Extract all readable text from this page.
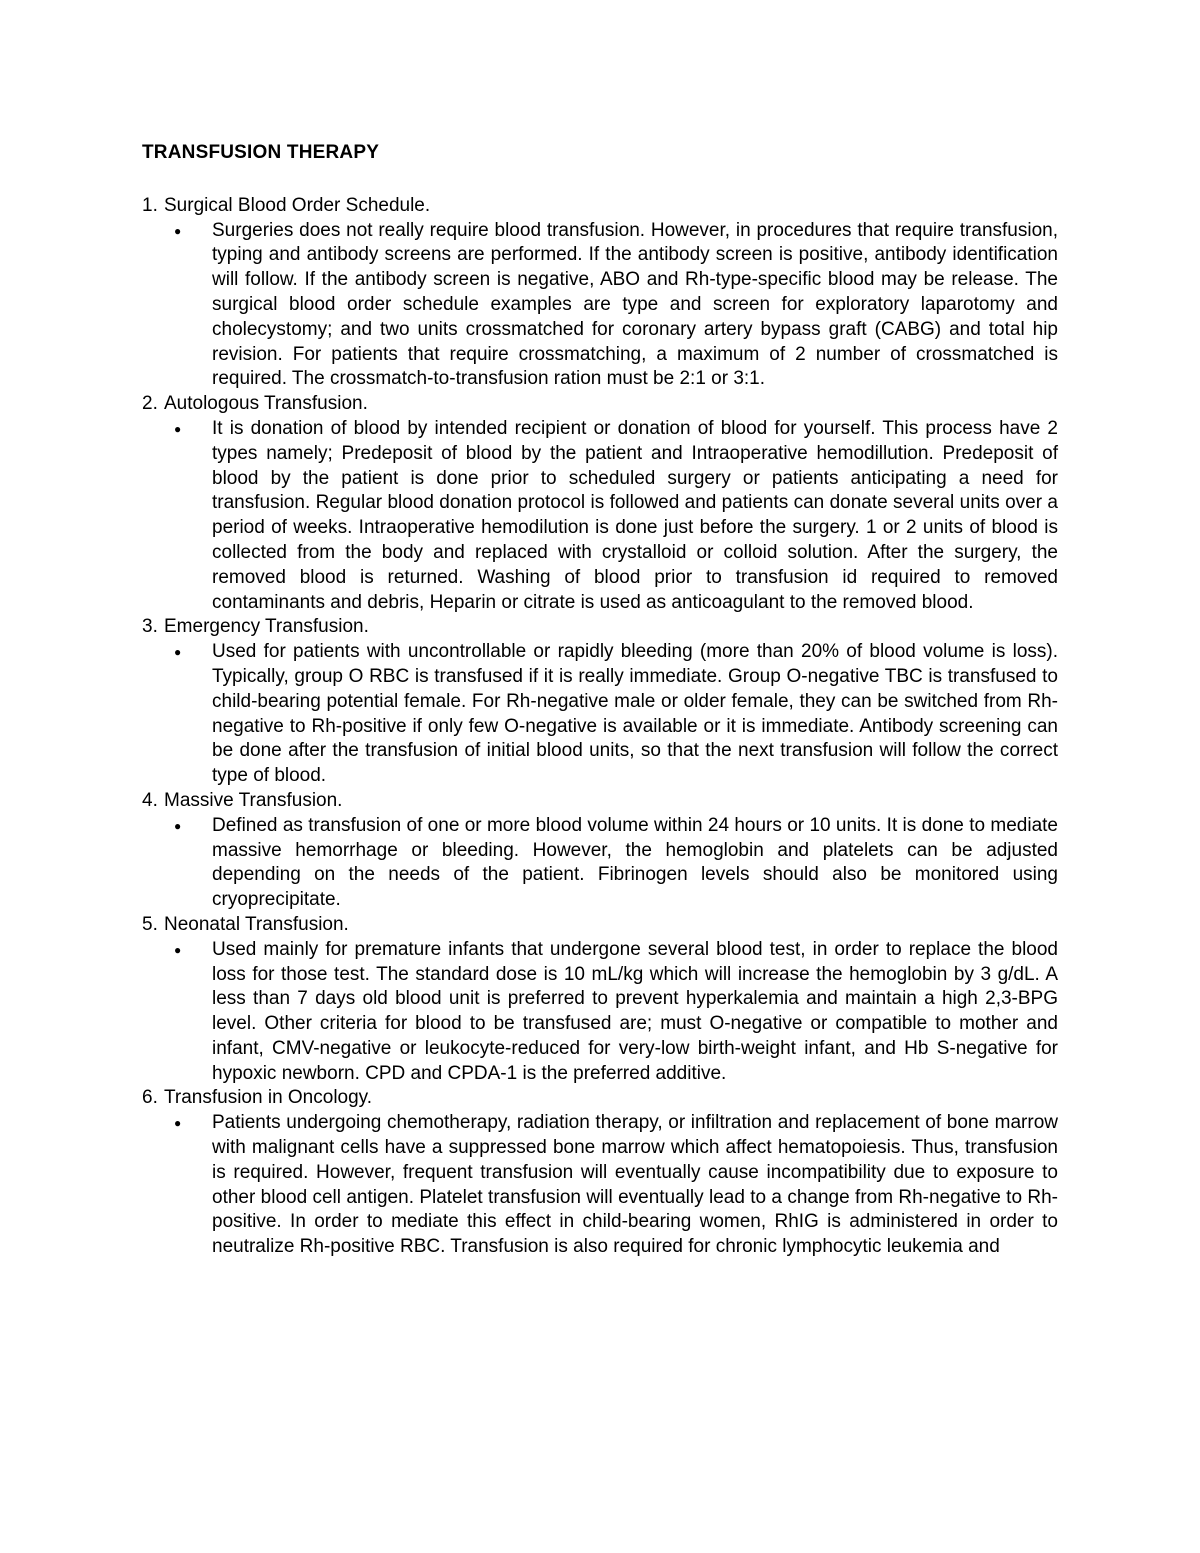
TRANSFUSION THERAPY
1. Surgical Blood Order Schedule.
●	Surgeries does not really require blood transfusion. However, in procedures that require transfusion, typing and antibody screens are performed. If the antibody screen is positive, antibody identification will follow. If the antibody screen is negative, ABO and Rh-type-specific blood may be release. The surgical blood order schedule examples are type and screen for exploratory laparotomy and cholecystomy; and two units crossmatched for coronary artery bypass graft (CABG) and total hip revision. For patients that require crossmatching, a maximum of 2 number of crossmatched is required. The crossmatch-to-transfusion ration must be 2:1 or 3:1.
2. Autologous Transfusion.
●	It is donation of blood by intended recipient or donation of blood for yourself. This process have 2 types namely; Predeposit of blood by the patient and Intraoperative hemodillution. Predeposit of blood by the patient is done prior to scheduled surgery or patients anticipating a need for transfusion. Regular blood donation protocol is followed and patients can donate several units over a period of weeks. Intraoperative hemodilution is done just before the surgery. 1 or 2 units of blood is collected from the body and replaced with crystalloid or colloid solution. After the surgery, the removed blood is returned. Washing of blood prior to transfusion id required to removed contaminants and debris, Heparin or citrate is used as anticoagulant to the removed blood.
3. Emergency Transfusion.
●	Used for patients with uncontrollable or rapidly bleeding (more than 20% of blood volume is loss). Typically, group O RBC is transfused if it is really immediate. Group O-negative TBC is transfused to child-bearing potential female. For Rh-negative male or older female, they can be switched from Rh-negative to Rh-positive if only few O-negative is available or it is immediate. Antibody screening can be done after the transfusion of initial blood units, so that the next transfusion will follow the correct type of blood.
4. Massive Transfusion.
●	Defined as transfusion of one or more blood volume within 24 hours or 10 units. It is done to mediate massive hemorrhage or bleeding. However, the hemoglobin and platelets can be adjusted depending on the needs of the patient. Fibrinogen levels should also be monitored using cryoprecipitate.
5. Neonatal Transfusion.
●	Used mainly for premature infants that undergone several blood test, in order to replace the blood loss for those test. The standard dose is 10 mL/kg which will increase the hemoglobin by 3 g/dL. A less than 7 days old blood unit is preferred to prevent hyperkalemia and maintain a high 2,3-BPG level. Other criteria for blood to be transfused are; must O-negative or compatible to mother and infant, CMV-negative or leukocyte-reduced for very-low birth-weight infant, and Hb S-negative for hypoxic newborn. CPD and CPDA-1 is the preferred additive.
6. Transfusion in Oncology.
●	Patients undergoing chemotherapy, radiation therapy, or infiltration and replacement of bone marrow with malignant cells have a suppressed bone marrow which affect hematopoiesis. Thus, transfusion is required. However, frequent transfusion will eventually cause incompatibility due to exposure to other blood cell antigen. Platelet transfusion will eventually lead to a change from Rh-negative to Rh-positive. In order to mediate this effect in child-bearing women, RhIG is administered in order to neutralize Rh-positive RBC. Transfusion is also required for chronic lymphocytic leukemia and
